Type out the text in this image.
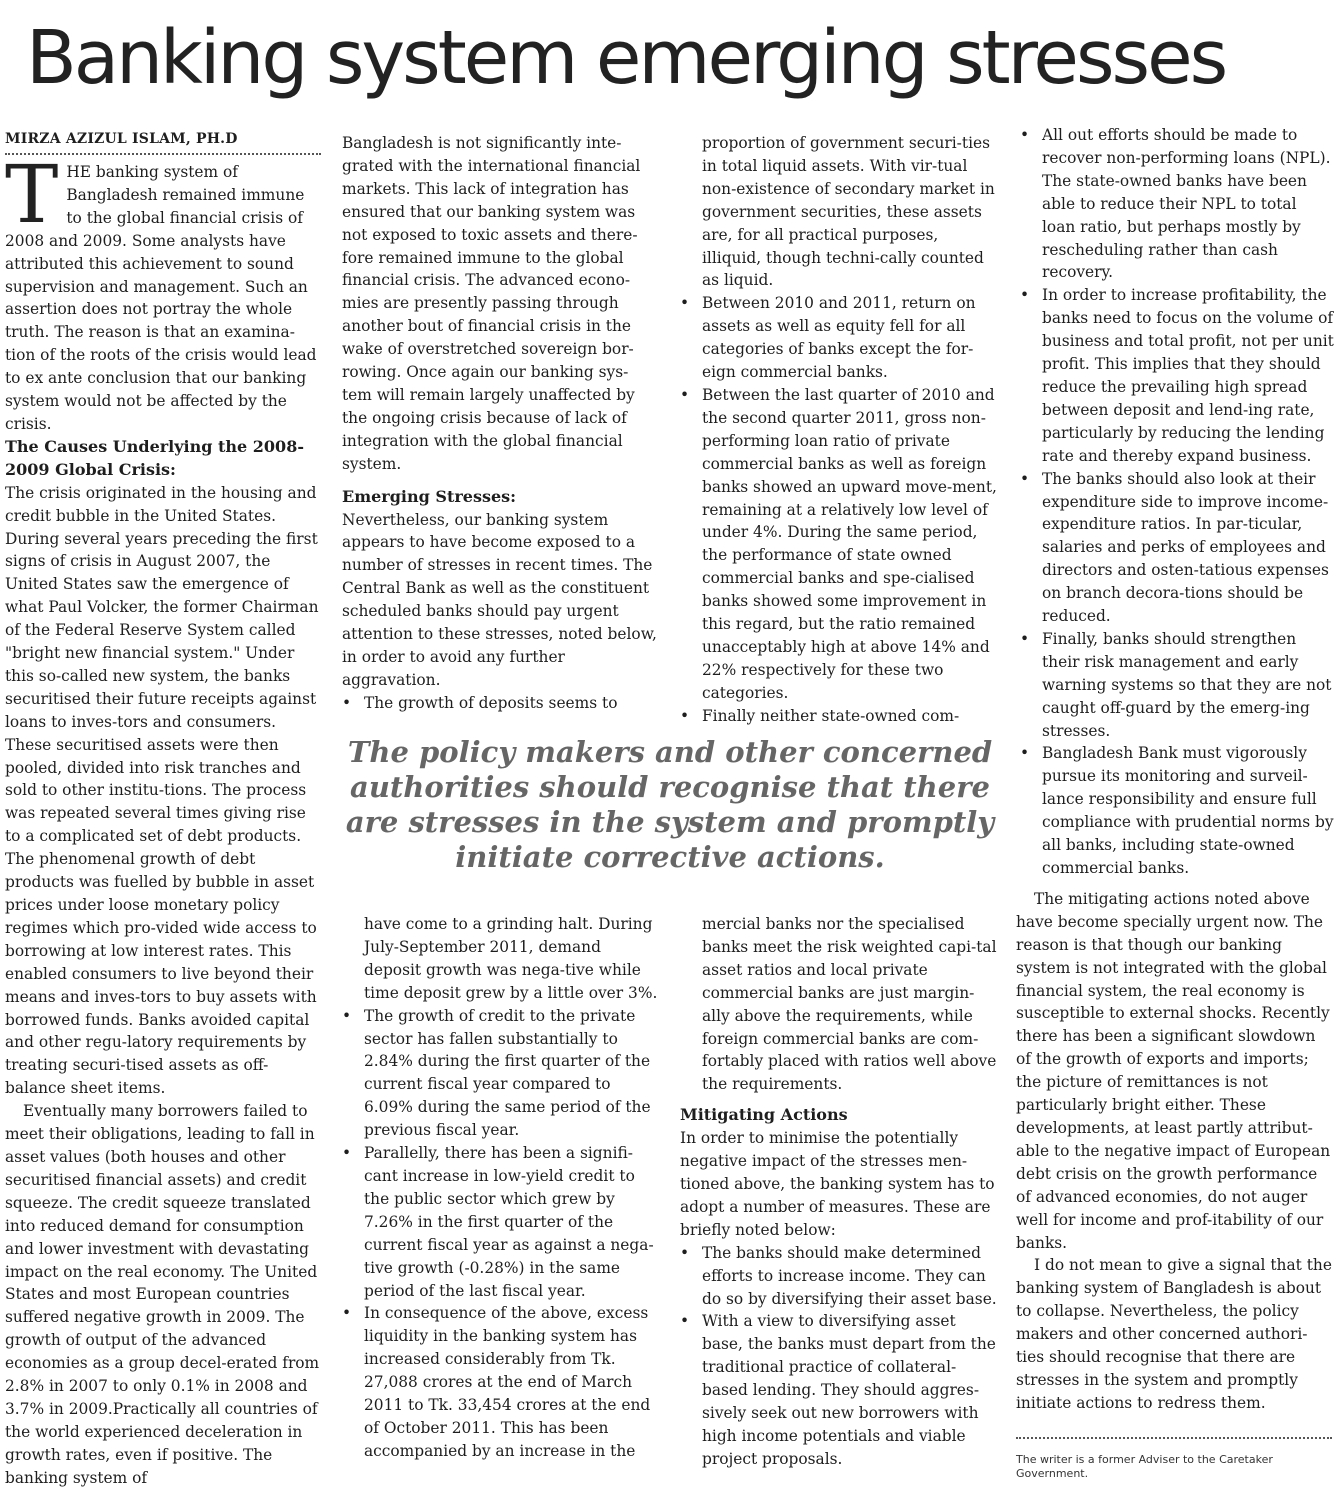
Banking system emerging stresses
MIRZA AZIZUL ISLAM, PH.D

THE banking system of Bangladesh remained immune to the global financial crisis of 2008 and 2009. Some analysts have attributed this achievement to sound supervision and management. Such an assertion does not portray the whole truth. The reason is that an examina-tion of the roots of the crisis would lead to ex ante conclusion that our banking system would not be affected by the crisis.

The Causes Underlying the 2008-2009 Global Crisis:

The crisis originated in the housing and credit bubble in the United States. During several years preceding the first signs of crisis in August 2007, the United States saw the emergence of what Paul Volcker, the former Chairman of the Federal Reserve System called "bright new financial system." Under this so-called new system, the banks securitised their future receipts against loans to inves-tors and consumers. These securitised assets were then pooled, divided into risk tranches and sold to other institu-tions. The process was repeated several times giving rise to a complicated set of debt products. The phenomenal growth of debt products was fuelled by bubble in asset prices under loose monetary policy regimes which pro-vided wide access to borrowing at low interest rates. This enabled consumers to live beyond their means and inves-tors to buy assets with borrowed funds. Banks avoided capital and other regu-latory requirements by treating securi-tised assets as off-balance sheet items.

Eventually many borrowers failed to meet their obligations, leading to fall in asset values (both houses and other securitised financial assets) and credit squeeze. The credit squeeze translated into reduced demand for consumption and lower investment with devastating impact on the real economy. The United States and most European countries suffered negative growth in 2009. The growth of output of the advanced economies as a group decel-erated from 2.8% in 2007 to only 0.1% in 2008 and 3.7% in 2009.Practically all countries of the world experienced deceleration in growth rates, even if positive. The banking system of

Bangladesh is not significantly inte-grated with the international financial markets. This lack of integration has ensured that our banking system was not exposed to toxic assets and there-fore remained immune to the global financial crisis. The advanced econo-mies are presently passing through another bout of financial crisis in the wake of overstretched sovereign bor-rowing. Once again our banking sys-tem will remain largely unaffected by the ongoing crisis because of lack of integration with the global financial system.

Emerging Stresses:

Nevertheless, our banking system appears to have become exposed to a number of stresses in recent times. The Central Bank as well as the constituent scheduled banks should pay urgent attention to these stresses, noted below, in order to avoid any further aggravation.

• The growth of deposits seems to
proportion of government securi-ties in total liquid assets. With vir-tual non-existence of secondary market in government securities, these assets are, for all practical purposes, illiquid, though techni-cally counted as liquid.
• Between 2010 and 2011, return on assets as well as equity fell for all categories of banks except the for-eign commercial banks.
• Between the last quarter of 2010 and the second quarter 2011, gross non-performing loan ratio of private commercial banks as well as foreign banks showed an upward move-ment, remaining at a relatively low level of under 4%. During the same period, the performance of state owned commercial banks and spe-cialised banks showed some improvement in this regard, but the ratio remained unacceptably high at above 14% and 22% respectively for these two categories.
• Finally neither state-owned com-

The policy makers and other concerned authorities should recognise that there are stresses in the system and promptly initiate corrective actions.

have come to a grinding halt. During July-September 2011, demand deposit growth was nega-tive while time deposit grew by a little over 3%.
• The growth of credit to the private sector has fallen substantially to 2.84% during the first quarter of the current fiscal year compared to 6.09% during the same period of the previous fiscal year.
• Parallelly, there has been a signifi-cant increase in low-yield credit to the public sector which grew by 7.26% in the first quarter of the current fiscal year as against a nega-tive growth (-0.28%) in the same period of the last fiscal year.
• In consequence of the above, excess liquidity in the banking system has increased considerably from Tk. 27,088 crores at the end of March 2011 to Tk. 33,454 crores at the end of October 2011. This has been accompanied by an increase in the
mercial banks nor the specialised banks meet the risk weighted capi-tal asset ratios and local private commercial banks are just margin-ally above the requirements, while foreign commercial banks are com-fortably placed with ratios well above the requirements.

Mitigating Actions

In order to minimise the potentially negative impact of the stresses men-tioned above, the banking system has to adopt a number of measures. These are briefly noted below:

• The banks should make determined efforts to increase income. They can do so by diversifying their asset base.
• With a view to diversifying asset base, the banks must depart from the traditional practice of collateral-based lending. They should aggres-sively seek out new borrowers with high income potentials and viable project proposals.
• All out efforts should be made to recover non-performing loans (NPL). The state-owned banks have been able to reduce their NPL to total loan ratio, but perhaps mostly by rescheduling rather than cash recovery.
• In order to increase profitability, the banks need to focus on the volume of business and total profit, not per unit profit. This implies that they should reduce the prevailing high spread between deposit and lend-ing rate, particularly by reducing the lending rate and thereby expand business.
• The banks should also look at their expenditure side to improve income-expenditure ratios. In par-ticular, salaries and perks of employees and directors and osten-tatious expenses on branch decora-tions should be reduced.
• Finally, banks should strengthen their risk management and early warning systems so that they are not caught off-guard by the emerg-ing stresses.
• Bangladesh Bank must vigorously pursue its monitoring and surveil-lance responsibility and ensure full compliance with prudential norms by all banks, including state-owned commercial banks.

The mitigating actions noted above have become specially urgent now. The reason is that though our banking system is not integrated with the global financial system, the real economy is susceptible to external shocks. Recently there has been a significant slowdown of the growth of exports and imports; the picture of remittances is not particularly bright either. These developments, at least partly attribut-able to the negative impact of European debt crisis on the growth performance of advanced economies, do not auger well for income and prof-itability of our banks.

I do not mean to give a signal that the banking system of Bangladesh is about to collapse. Nevertheless, the policy makers and other concerned authori-ties should recognise that there are stresses in the system and promptly initiate actions to redress them.

The writer is a former Adviser to the Caretaker Government.
